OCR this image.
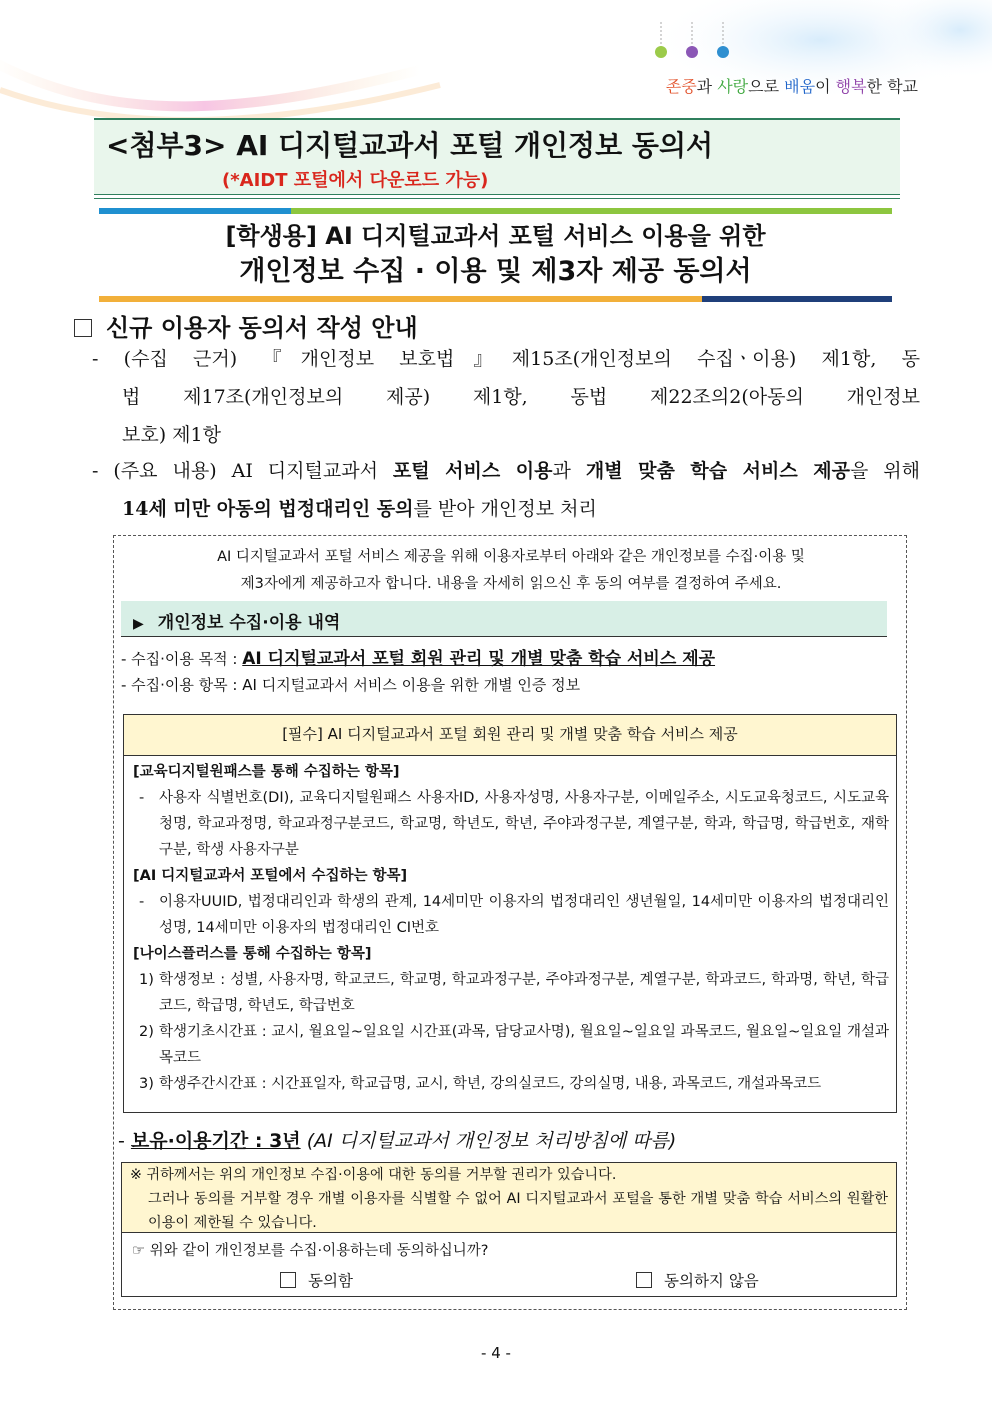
존중과 사랑으로 배움이 행복한 학교
<첨부3> AI 디지털교과서 포털 개인정보 동의서
(*AIDT 포털에서 다운로드 가능)
[학생용] AI 디지털교과서 포털 서비스 이용을 위한
개인정보 수집 · 이용 및 제3자 제공 동의서
신규 이용자 동의서 작성 안내
- (수집 근거) 『개인정보 보호법』제15조(개인정보의 수집ㆍ이용) 제1항, 동
법 제17조(개인정보의 제공) 제1항, 동법 제22조의2(아동의 개인정보
보호) 제1항
- (주요 내용) AI 디지털교과서 포털 서비스 이용과 개별 맞춤 학습 서비스 제공을 위해
14세 미만 아동의 법정대리인 동의를 받아 개인정보 처리
AI 디지털교과서 포털 서비스 제공을 위해 이용자로부터 아래와 같은 개인정보를 수집·이용 및
제3자에게 제공하고자 합니다. 내용을 자세히 읽으신 후 동의 여부를 결정하여 주세요.
▶ 개인정보 수집·이용 내역
- 수집·이용 목적 : AI 디지털교과서 포털 회원 관리 및 개별 맞춤 학습 서비스 제공
- 수집·이용 항목 : AI 디지털교과서 서비스 이용을 위한 개별 인증 정보
[필수] AI 디지털교과서 포털 회원 관리 및 개별 맞춤 학습 서비스 제공
[교육디지털원패스를 통해 수집하는 항목]
- 사용자 식별번호(DI), 교육디지털원패스 사용자ID, 사용자성명, 사용자구분, 이메일주소, 시도교육청코드, 시도교육청명, 학교과정명, 학교과정구분코드, 학교명, 학년도, 학년, 주야과정구분, 계열구분, 학과, 학급명, 학급번호, 재학구분, 학생 사용자구분
[AI 디지털교과서 포털에서 수집하는 항목]
- 이용자UUID, 법정대리인과 학생의 관계, 14세미만 이용자의 법정대리인 생년월일, 14세미만 이용자의 법정대리인 성명, 14세미만 이용자의 법정대리인 CI번호
[나이스플러스를 통해 수집하는 항목]
1) 학생정보 : 성별, 사용자명, 학교코드, 학교명, 학교과정구분, 주야과정구분, 계열구분, 학과코드, 학과명, 학년, 학급코드, 학급명, 학년도, 학급번호
2) 학생기초시간표 : 교시, 월요일~일요일 시간표(과목, 담당교사명), 월요일~일요일 과목코드, 월요일~일요일 개설과목코드
3) 학생주간시간표 : 시간표일자, 학교급명, 교시, 학년, 강의실코드, 강의실명, 내용, 과목코드, 개설과목코드
- 보유·이용기간 : 3년 (AI 디지털교과서 개인정보 처리방침에 따름)
※ 귀하께서는 위의 개인정보 수집·이용에 대한 동의를 거부할 권리가 있습니다.
그러나 동의를 거부할 경우 개별 이용자를 식별할 수 없어 AI 디지털교과서 포털을 통한 개별 맞춤 학습 서비스의 원활한 이용이 제한될 수 있습니다.
☞ 위와 같이 개인정보를 수집·이용하는데 동의하십니까?
동의함	동의하지 않음
- 4 -
